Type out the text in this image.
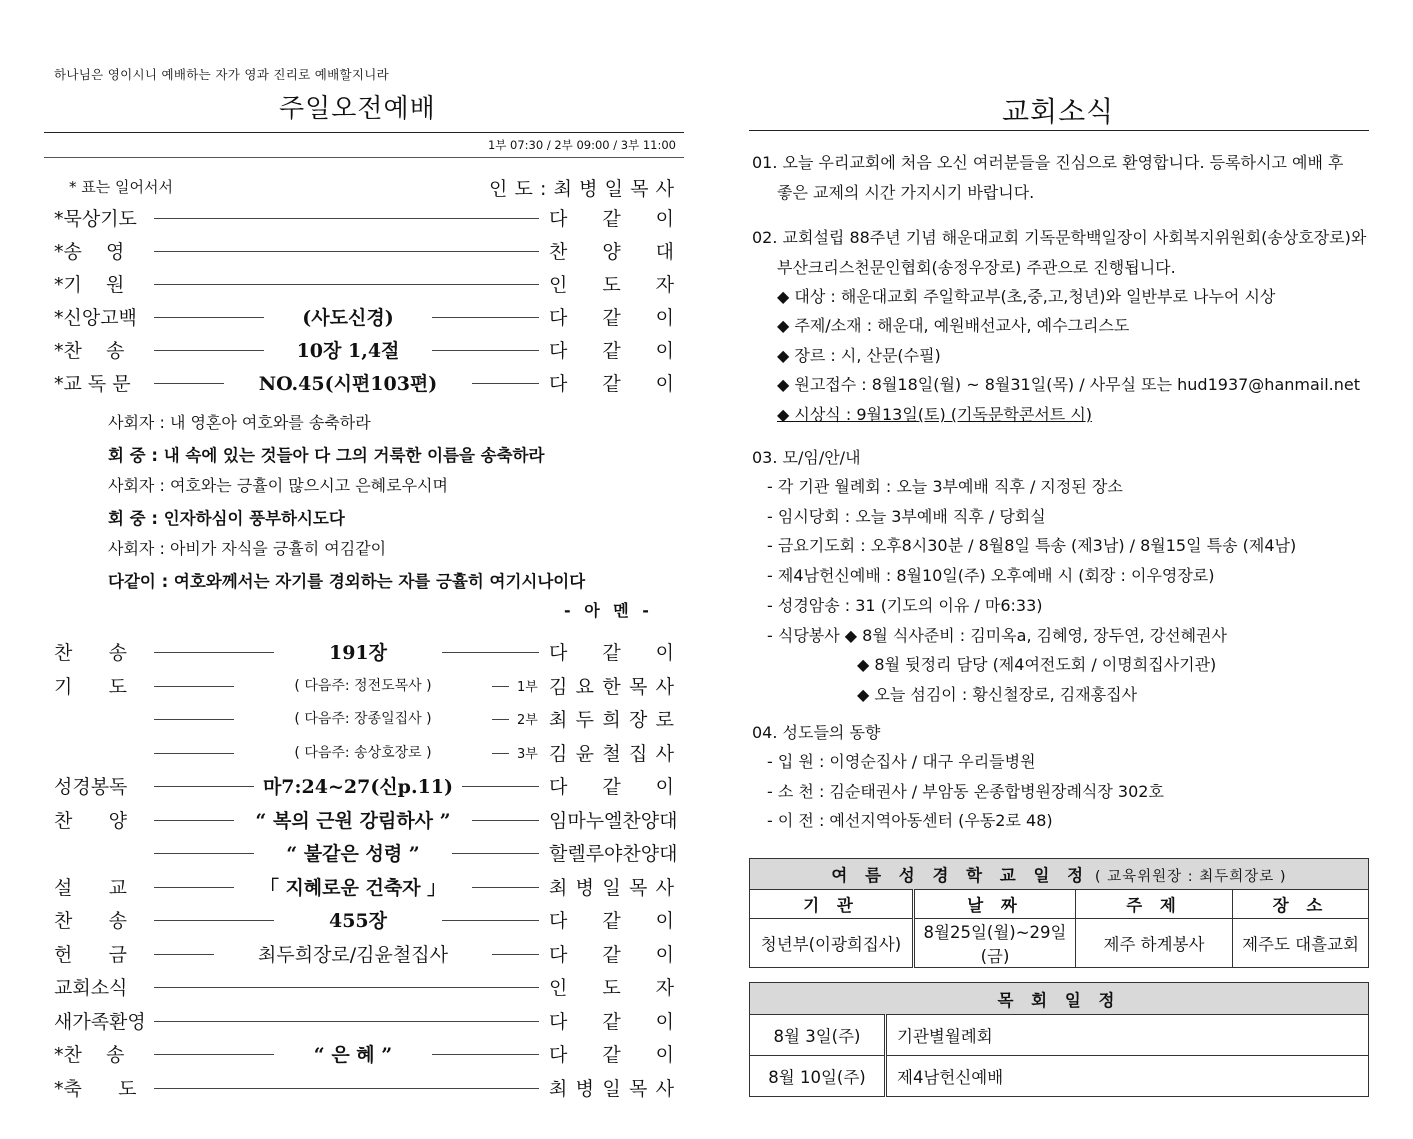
하나님은 영이시니 예배하는 자가 영과 진리로 예배할지니라
주일오전예배
1부 07:30 / 2부 09:00 / 3부 11:00
* 표는 일어서서	인 도 : 최 병 일 목 사
*묵상기도	다 같 이
*송    영	찬 양 대
*기    원	인 도 자
*신앙고백	(사도신경)	다 같 이
*찬    송	10장 1,4절	다 같 이
*교 독 문	NO.45(시편103편)	다 같 이
사회자 : 내 영혼아 여호와를 송축하라
회 중 : 내 속에 있는 것들아 다 그의 거룩한 이름을 송축하라
사회자 : 여호와는 긍휼이 많으시고 은혜로우시며
회 중 : 인자하심이 풍부하시도다
사회자 : 아비가 자식을 긍휼히 여김같이
다같이 : 여호와께서는 자기를 경외하는 자를 긍휼히 여기시나이다
- 아 멘 -
찬      송	191장	다 같 이
기      도	( 다음주: 정전도목사 )	1부 김 요 한 목 사
( 다음주: 장종일집사 )	2부 최 두 희 장 로
( 다음주: 송상호장로 )	3부 김 윤 철 집 사
성경봉독	마7:24~27(신p.11)	다 같 이
찬      양	“ 복의 근원 강림하사 ”	임마누엘찬양대
“ 불같은 성령 ”	할렐루야찬양대
설      교	「 지혜로운 건축자 」	최 병 일 목 사
찬      송	455장	다 같 이
헌      금	최두희장로/김윤철집사	다 같 이
교회소식	인 도 자
새가족환영	다 같 이
*찬    송	“ 은 혜 ”	다 같 이
*축      도	최 병 일 목 사
교회소식
01. 오늘 우리교회에 처음 오신 여러분들을 진심으로 환영합니다. 등록하시고 예배 후
좋은 교제의 시간 가지시기 바랍니다.
02. 교회설립 88주년 기념 해운대교회 기독문학백일장이 사회복지위원회(송상호장로)와
부산크리스천문인협회(송정우장로) 주관으로 진행됩니다.
◆ 대상 : 해운대교회 주일학교부(초,중,고,청년)와 일반부로 나누어 시상
◆ 주제/소재 : 해운대, 예원배선교사, 예수그리스도
◆ 장르 : 시, 산문(수필)
◆ 원고접수 : 8월18일(월) ~ 8월31일(목) / 사무실 또는 hud1937@hanmail.net
◆ 시상식 : 9월13일(토) (기독문학콘서트 시)
03. 모/임/안/내
- 각 기관 월례회 : 오늘 3부예배 직후 / 지정된 장소
- 임시당회 : 오늘 3부예배 직후 / 당회실
- 금요기도회 : 오후8시30분 / 8월8일 특송 (제3남) / 8월15일 특송 (제4남)
- 제4남헌신예배 : 8월10일(주) 오후예배 시 (회장 : 이우영장로)
- 성경암송 : 31 (기도의 이유 / 마6:33)
- 식당봉사 ◆ 8월 식사준비 : 김미옥a, 김혜영, 장두연, 강선혜권사
◆ 8월 뒷정리 담당 (제4여전도회 / 이명희집사기관)
◆ 오늘 섬김이 : 황신철장로, 김재홍집사
04. 성도들의 동향
- 입 원 : 이영순집사 / 대구 우리들병원
- 소 천 : 김순태권사 / 부암동 온종합병원장례식장 302호
- 이 전 : 예선지역아동센터 (우동2로 48)
여 름 성 경 학 교 일 정 ( 교육위원장 : 최두희장로 )			
기 관	날 짜	주 제	장 소
청년부(이광희집사)	8월25일(월)~29일(금)	제주 하계봉사	제주도 대흘교회
목 회 일 정	
8월 3일(주)	기관별월례회
8월 10일(주)	제4남헌신예배
